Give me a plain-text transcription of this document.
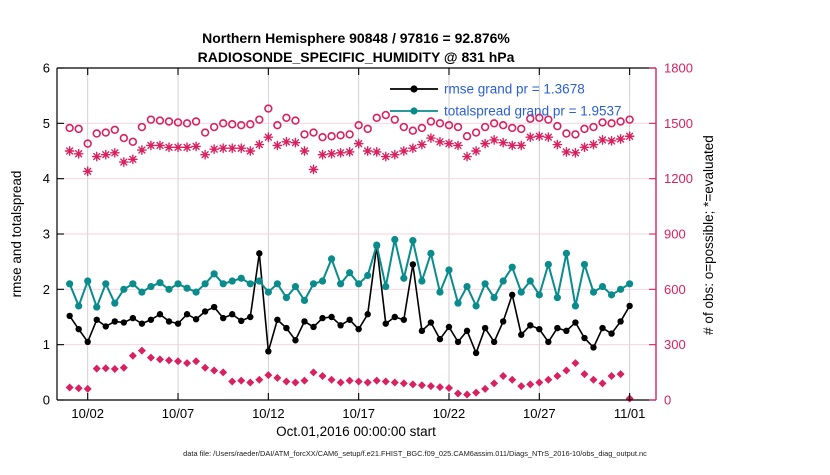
0
1
2
3
4
5
6
0
300
600
900
1200
1500
1800
10/02	10/07	10/12	10/17	10/22	10/27	11/01
Northern Hemisphere 90848 / 97816 = 92.876%
RADIOSONDE_SPECIFIC_HUMIDITY @ 831 hPa
Oct.01,2016 00:00:00 start
rmse and totalspread	# of obs: o=possible; *=evaluated
rmse grand pr = 1.3678
totalspread grand pr = 1.9537
data file: /Users/raeder/DAI/ATM_forcXX/CAM6_setup/f.e21.FHIST_BGC.f09_025.CAM6assim.011/Diags_NTrS_2016-10/obs_diag_output.nc
